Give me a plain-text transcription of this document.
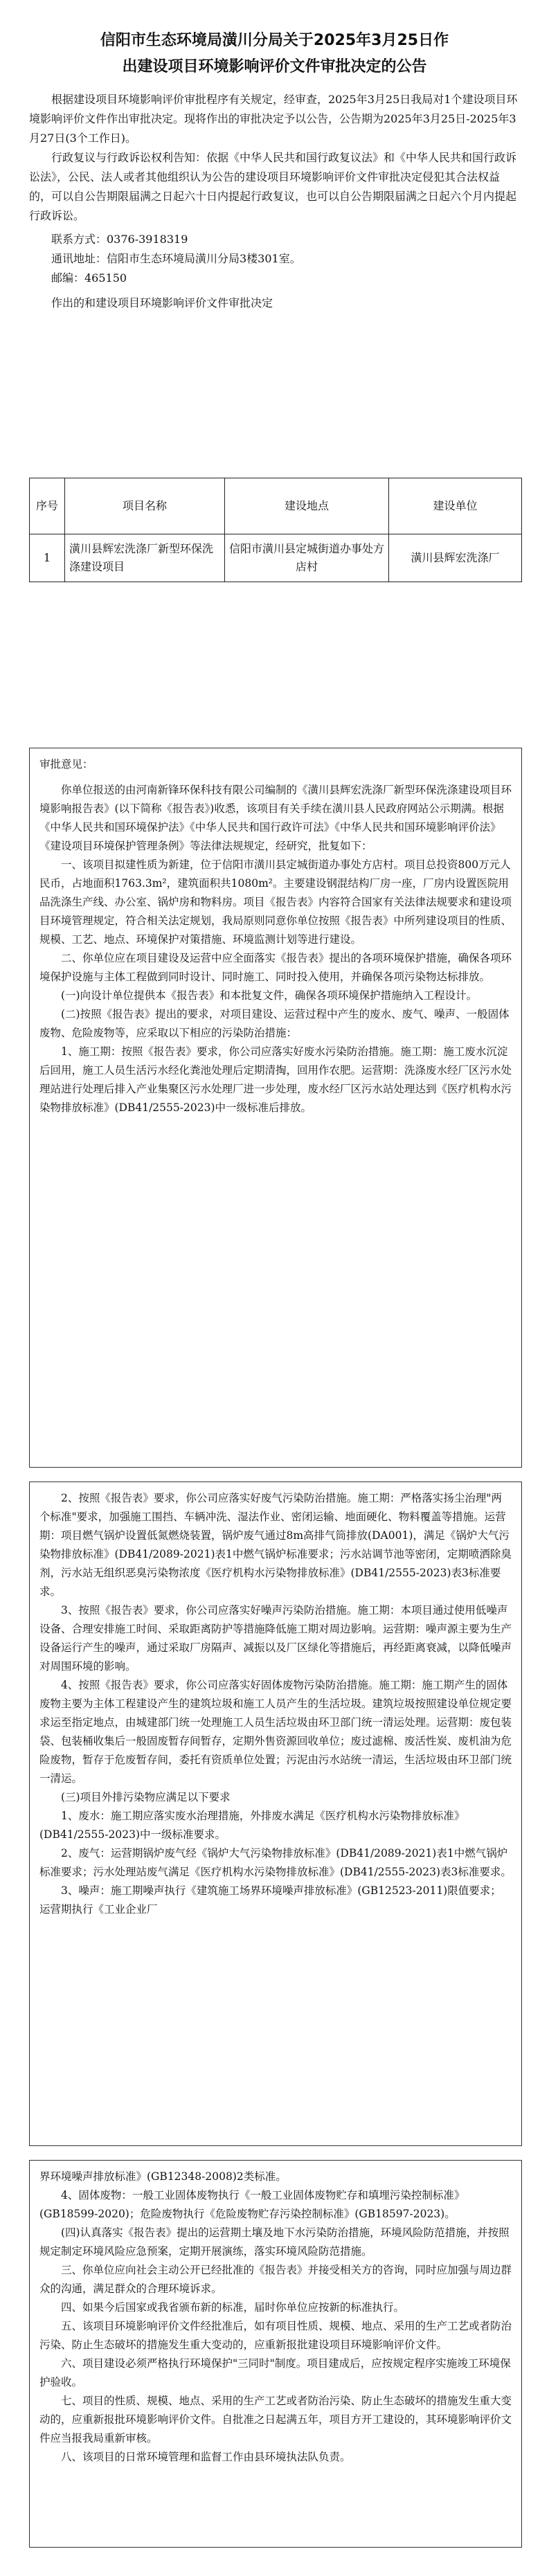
信阳市生态环境局潢川分局关于2025年3月25日作
出建设项目环境影响评价文件审批决定的公告

根据建设项目环境影响评价审批程序有关规定，经审查，2025年3月25日我局对1个建设项目环境影响评价文件作出审批决定。现将作出的审批决定予以公告，公告期为2025年3月25日-2025年3月27日(3个工作日)。

行政复议与行政诉讼权利告知：依据《中华人民共和国行政复议法》和《中华人民共和国行政诉讼法》，公民、法人或者其他组织认为公告的建设项目环境影响评价文件审批决定侵犯其合法权益的，可以自公告期限届满之日起六十日内提起行政复议，也可以自公告期限届满之日起六个月内提起行政诉讼。

联系方式：0376-3918319

通讯地址：信阳市生态环境局潢川分局3楼301室。

邮编：465150

作出的和建设项目环境影响评价文件审批决定

序号	项目名称	建设地点	建设单位
1	潢川县辉宏洗涤厂新型环保洗涤建设项目	信阳市潢川县定城街道办事处方店村	潢川县辉宏洗涤厂

审批意见：

你单位报送的由河南新锋环保科技有限公司编制的《潢川县辉宏洗涤厂新型环保洗涤建设项目环境影响报告表》(以下简称《报告表》)收悉，该项目有关手续在潢川县人民政府网站公示期满。根据《中华人民共和国环境保护法》《中华人民共和国行政许可法》《中华人民共和国环境影响评价法》《建设项目环境保护管理条例》等法律法规规定，经研究，批复如下：

一、该项目拟建性质为新建，位于信阳市潢川县定城街道办事处方店村。项目总投资800万元人民币，占地面积1763.3m²，建筑面积共1080m²。主要建设钢混结构厂房一座，厂房内设置医院用品洗涤生产线、办公室、锅炉房和物料房。项目《报告表》内容符合国家有关法律法规要求和建设项目环境管理规定，符合相关法定规划，我局原则同意你单位按照《报告表》中所列建设项目的性质、规模、工艺、地点、环境保护对策措施、环境监测计划等进行建设。

二、你单位应在项目建设及运营中应全面落实《报告表》提出的各项环境保护措施，确保各项环境保护设施与主体工程做到同时设计、同时施工、同时投入使用，并确保各项污染物达标排放。

(一)向设计单位提供本《报告表》和本批复文件，确保各项环境保护措施纳入工程设计。

(二)按照《报告表》提出的要求，对项目建设、运营过程中产生的废水、废气、噪声、一般固体废物、危险废物等，应采取以下相应的污染防治措施：

1、施工期：按照《报告表》要求，你公司应落实好废水污染防治措施。施工期：施工废水沉淀后回用，施工人员生活污水经化粪池处理后定期清掏，回用作农肥。运营期：洗涤废水经厂区污水处理站进行处理后排入产业集聚区污水处理厂进一步处理，废水经厂区污水站处理达到《医疗机构水污染物排放标准》(DB41/2555-2023)中一级标准后排放。

2、按照《报告表》要求，你公司应落实好废气污染防治措施。施工期：严格落实扬尘治理"两个标准"要求，加强施工围挡、车辆冲洗、湿法作业、密闭运输、地面硬化、物料覆盖等措施。运营期：项目燃气锅炉设置低氮燃烧装置，锅炉废气通过8m高排气筒排放(DA001)，满足《锅炉大气污染物排放标准》(DB41/2089-2021)表1中燃气锅炉标准要求；污水站调节池等密闭，定期喷洒除臭剂，污水站无组织恶臭污染物浓度《医疗机构水污染物排放标准》(DB41/2555-2023)表3标准要求。

3、按照《报告表》要求，你公司应落实好噪声污染防治措施。施工期：本项目通过使用低噪声设备、合理安排施工时间、采取距离防护等措施降低施工期对周边影响。运营期：噪声源主要为生产设备运行产生的噪声，通过采取厂房隔声、减振以及厂区绿化等措施后，再经距离衰减，以降低噪声对周围环境的影响。

4、按照《报告表》要求，你公司应落实好固体废物污染防治措施。施工期：施工期产生的固体废物主要为主体工程建设产生的建筑垃圾和施工人员产生的生活垃圾。建筑垃圾按照建设单位规定要求运至指定地点，由城建部门统一处理施工人员生活垃圾由环卫部门统一清运处理。运营期：废包装袋、包装桶收集后一般固废暂存间暂存，定期外售资源回收单位；废过滤棉、废活性炭、废机油为危险废物，暂存于危废暂存间，委托有资质单位处置；污泥由污水站统一清运，生活垃圾由环卫部门统一清运。

(三)项目外排污染物应满足以下要求

1、废水：施工期应落实废水治理措施，外排废水满足《医疗机构水污染物排放标准》(DB41/2555-2023)中一级标准要求。

2、废气：运营期锅炉废气经《锅炉大气污染物排放标准》(DB41/2089-2021)表1中燃气锅炉标准要求；污水处理站废气满足《医疗机构水污染物排放标准》(DB41/2555-2023)表3标准要求。

3、噪声：施工期噪声执行《建筑施工场界环境噪声排放标准》(GB12523-2011)限值要求；运营期执行《工业企业厂

界环境噪声排放标准》(GB12348-2008)2类标准。

4、固体废物：一般工业固体废物执行《一般工业固体废物贮存和填埋污染控制标准》(GB18599-2020)；危险废物执行《危险废物贮存污染控制标准》(GB18597-2023)。

(四)认真落实《报告表》提出的运营期土壤及地下水污染防治措施，环境风险防范措施，并按照规定制定环境风险应急预案，定期开展演练，落实环境风险防范措施。

三、你单位应向社会主动公开已经批准的《报告表》并接受相关方的咨询，同时应加强与周边群众的沟通，满足群众的合理环境诉求。

四、如果今后国家或我省颁布新的标准，届时你单位应按新的标准执行。

五、该项目环境影响评价文件经批准后，如有项目性质、规模、地点、采用的生产工艺或者防治污染、防止生态破坏的措施发生重大变动的，应重新报批建设项目环境影响评价文件。

六、项目建设必须严格执行环境保护"三同时"制度。项目建成后，应按规定程序实施竣工环境保护验收。

七、项目的性质、规模、地点、采用的生产工艺或者防治污染、防止生态破坏的措施发生重大变动的，应重新报批环境影响评价文件。自批准之日起满五年，项目方开工建设的，其环境影响评价文件应当报我局重新审核。

八、该项目的日常环境管理和监督工作由县环境执法队负责。
